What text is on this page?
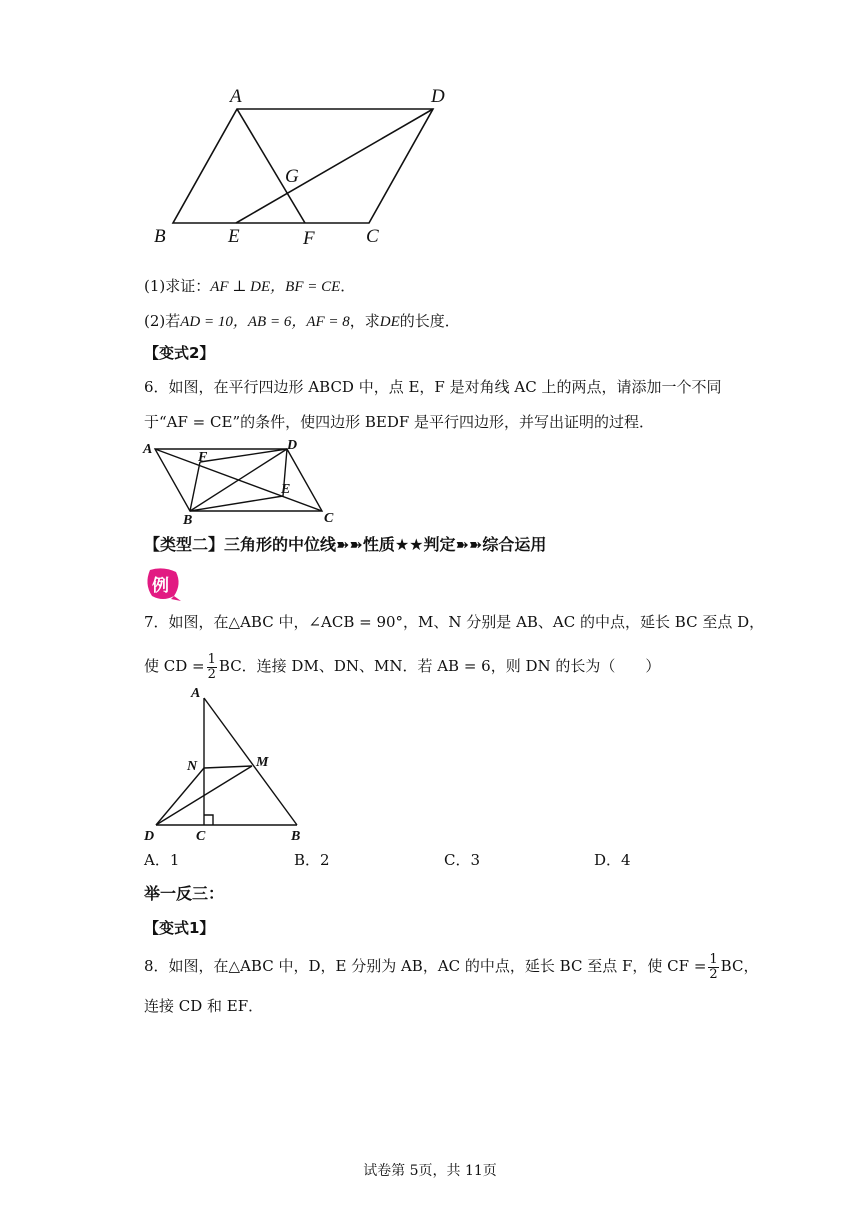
A	D
G
B	E	F	C
(1)求证：AF ⊥ DE，BF = CE．
(2)若AD = 10，AB = 6，AF = 8，求DE的长度．
【变式2】
6．如图，在平行四边形 ABCD 中，点 E，F 是对角线 AC 上的两点，请添加一个不同
于“AF = CE”的条件，使四边形 BEDF 是平行四边形，并写出证明的过程．
A	D
F
E
B	C
【类型二】三角形的中位线➽➽性质★★判定➽➽综合运用
例
7．如图，在△ABC 中，∠ACB = 90°，M、N 分别是 AB、AC 的中点，延长 BC 至点 D，
使 CD = $\frac{1}{2}$ BC．连接 DM、DN、MN．若 AB = 6，则 DN 的长为（　　）
A
N	M
D	C	B
A．1	B．2	C．3	D．4
举一反三：
【变式1】
8．如图，在△ABC 中，D，E 分别为 AB，AC 的中点，延长 BC 至点 F，使 CF = $\frac{1}{2}$ BC，
连接 CD 和 EF．
试卷第 5页，共 11页
